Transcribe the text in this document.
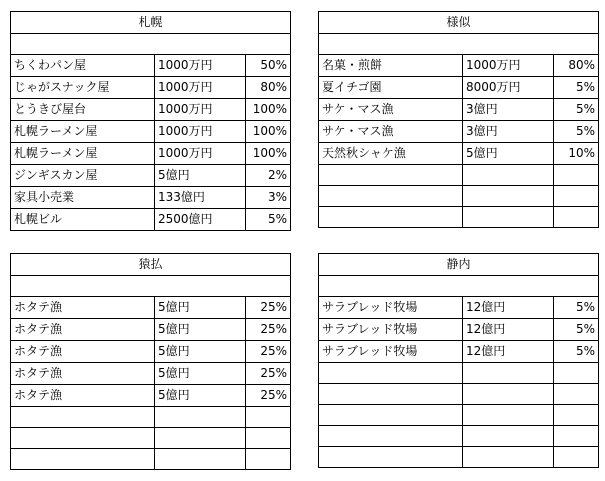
札幌		

ちくわパン屋	1000万円	50%
じゃがスナック屋	1000万円	80%
とうきび屋台	1000万円	100%
札幌ラーメン屋	1000万円	100%
札幌ラーメン屋	1000万円	100%
ジンギスカン屋	5億円	2%
家具小売業	133億円	3%
札幌ビル	2500億円	5%
様似		

名菓・煎餅	1000万円	80%
夏イチゴ園	8000万円	5%
サケ・マス漁	3億円	5%
サケ・マス漁	3億円	5%
天然秋シャケ漁	5億円	10%

猿払		

ホタテ漁	5億円	25%
ホタテ漁	5億円	25%
ホタテ漁	5億円	25%
ホタテ漁	5億円	25%
ホタテ漁	5億円	25%

静内		

サラブレッド牧場	12億円	5%
サラブレッド牧場	12億円	5%
サラブレッド牧場	12億円	5%
